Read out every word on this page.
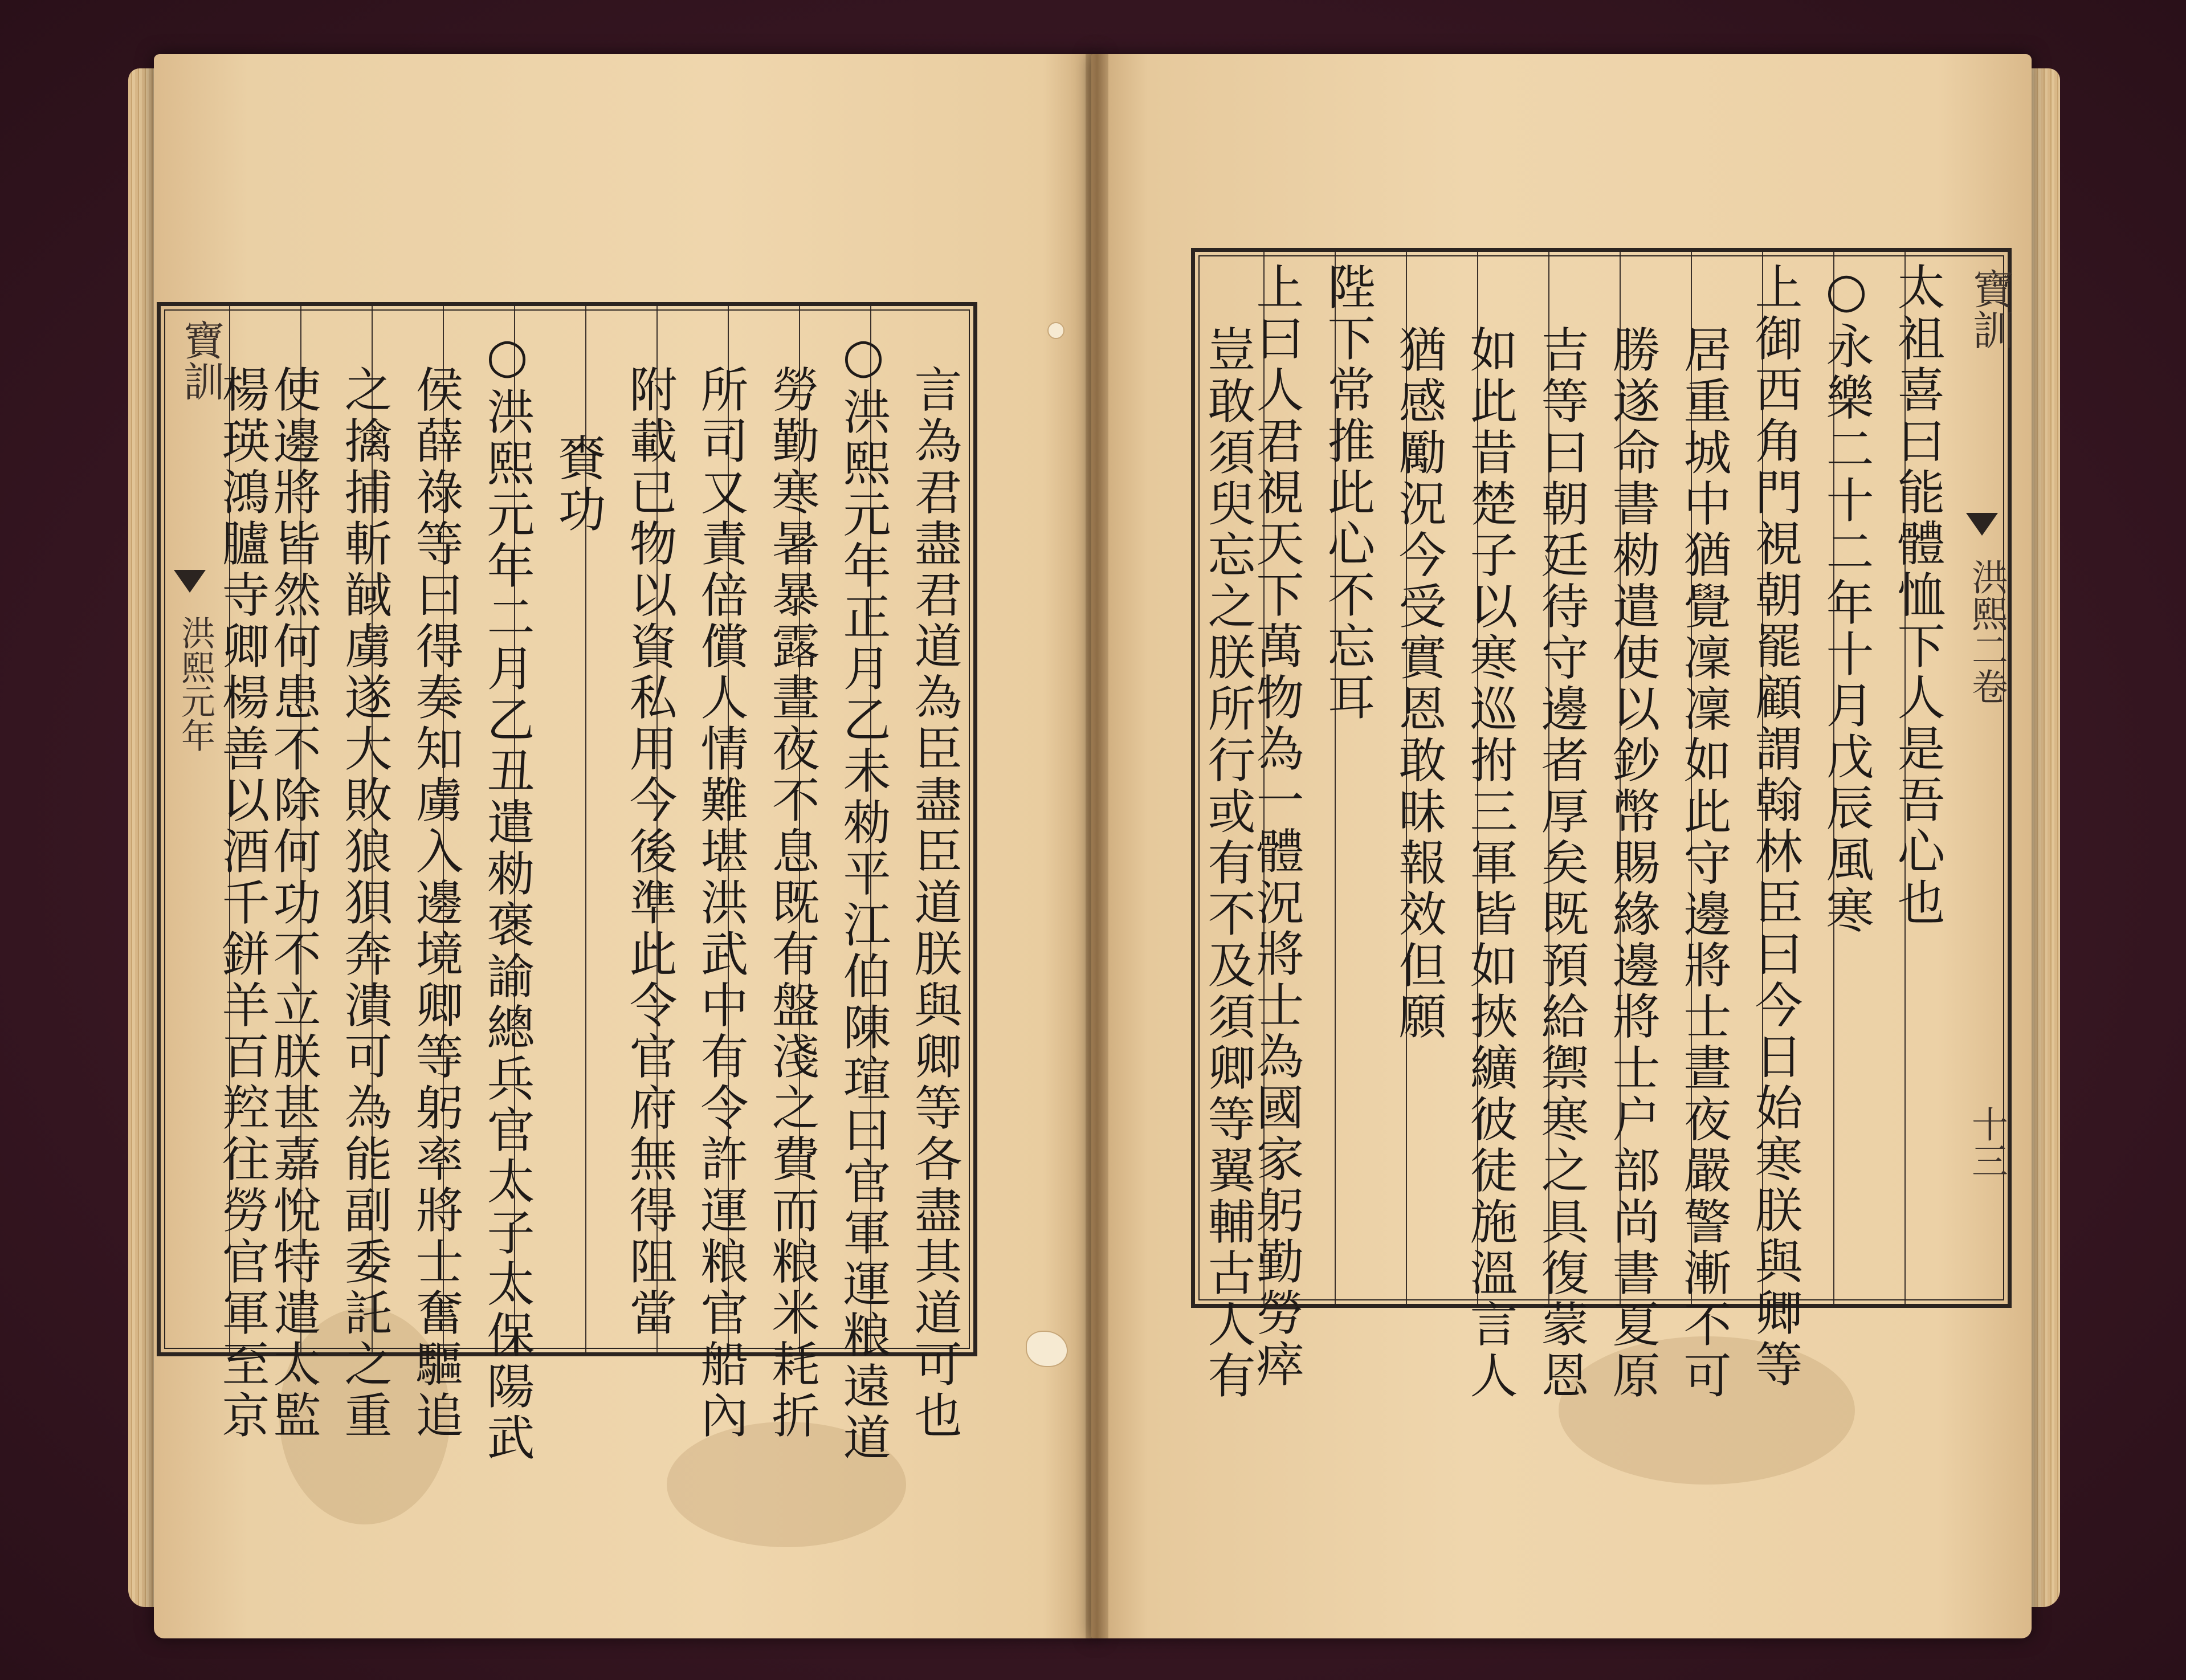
寶訓
洪熙元年	言為君盡君道為臣盡臣道朕與卿等各盡其道可也
○洪熙元年正月乙未勑平江伯陳瑄曰官軍運粮遠道
勞勤寒暑暴露晝夜不息既有盤淺之費而粮米耗折
所司又責倍償人情難堪洪武中有令許運粮官船內
附載已物以資私用今後準此令官府無得阻當
賚功
○洪熙元年二月乙丑遣勑褒諭總兵官太子太保陽武
侯薛祿等曰得奏知虜入邊境卿等躬率將士奮驅追
之擒捕斬馘虜遂大敗狼狽奔潰可為能副委託之重
使邊將皆然何患不除何功不立朕甚嘉悅特遣太監
楊瑛鴻臚寺卿楊善以酒千鉼羊百羫往勞官軍至京	太祖喜曰能體恤下人是吾心也
○永樂二十二年十月戊辰風寒
上御西角門視朝罷顧謂翰林臣曰今日始寒朕與卿等
居重城中猶覺凜凜如此守邊將士晝夜嚴警漸不可
勝遂命書勑遣使以鈔幣賜緣邊將士户部尚書夏原
吉等曰朝廷待守邊者厚矣既預給禦寒之具復蒙恩
如此昔楚子以寒巡拊三軍皆如挾纊彼徒施溫言人
猶感勵況今受實恩敢昧報效但願
陛下常推此心不忘耳
上曰人君視天下萬物為一體況將士為國家躬勤勞瘁
豈敢須臾忘之朕所行或有不及須卿等翼輔古人有
寶訓
洪熙二卷
十三
